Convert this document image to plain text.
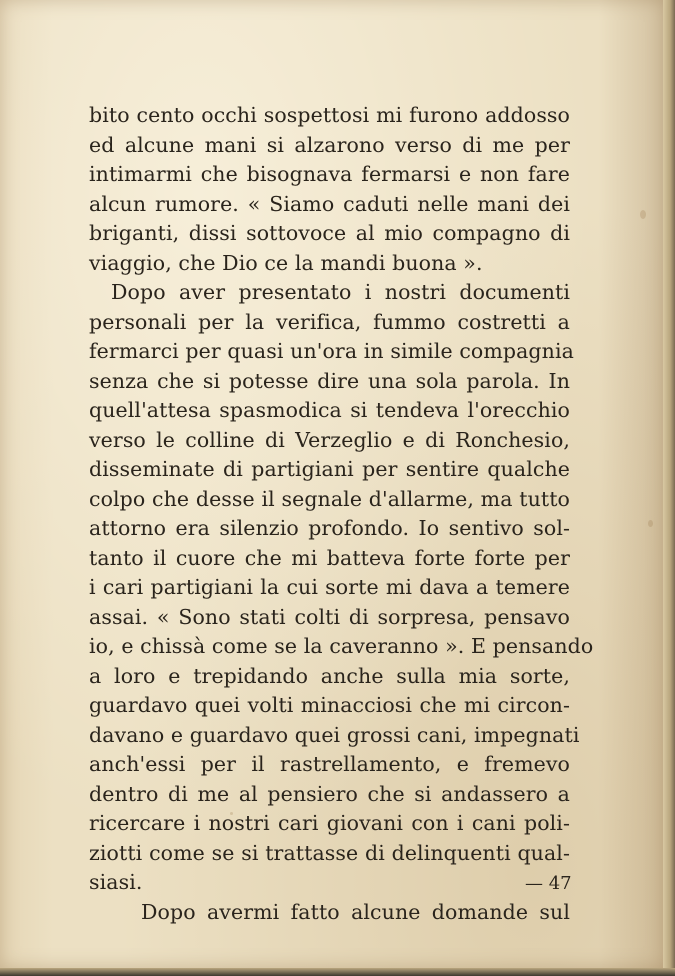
bito cento occhi sospettosi mi furono addosso
ed alcune mani si alzarono verso di me per
intimarmi che bisognava fermarsi e non fare
alcun rumore. « Siamo caduti nelle mani dei
briganti, dissi sottovoce al mio compagno di
viaggio, che Dio ce la mandi buona ».
Dopo aver presentato i nostri documenti
personali per la verifica, fummo costretti a
fermarci per quasi un'ora in simile compagnia
senza che si potesse dire una sola parola. In
quell'attesa spasmodica si tendeva l'orecchio
verso le colline di Verzeglio e di Ronchesio,
disseminate di partigiani per sentire qualche
colpo che desse il segnale d'allarme, ma tutto
attorno era silenzio profondo. Io sentivo sol-
tanto il cuore che mi batteva forte forte per
i cari partigiani la cui sorte mi dava a temere
assai. « Sono stati colti di sorpresa, pensavo
io, e chissà come se la caveranno ». E pensando
a loro e trepidando anche sulla mia sorte,
guardavo quei volti minacciosi che mi circon-
davano e guardavo quei grossi cani, impegnati
anch'essi per il rastrellamento, e fremevo
dentro di me al pensiero che si andassero a
ricercare i nostri cari giovani con i cani poli-
ziotti come se si trattasse di delinquenti qual-
siasi.
Dopo avermi fatto alcune domande sul
— 47
